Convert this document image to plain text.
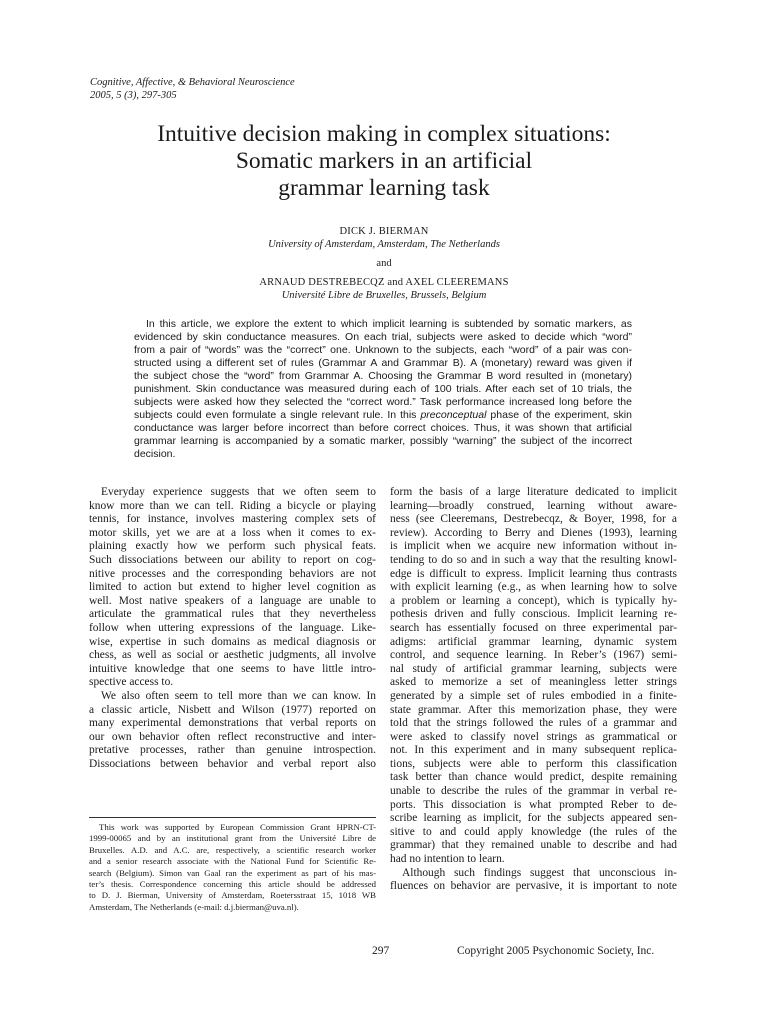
Cognitive, Affective, & Behavioral Neuroscience
2005, 5 (3), 297-305
Intuitive decision making in complex situations:
Somatic markers in an artificial
grammar learning task
DICK J. BIERMAN
University of Amsterdam, Amsterdam, The Netherlands
and
ARNAUD DESTREBECQZ and AXEL CLEEREMANS
Université Libre de Bruxelles, Brussels, Belgium
In this article, we explore the extent to which implicit learning is subtended by somatic markers, as
evidenced by skin conductance measures. On each trial, subjects were asked to decide which “word”
from a pair of “words” was the “correct” one. Unknown to the subjects, each “word” of a pair was con-
structed using a different set of rules (Grammar A and Grammar B). A (monetary) reward was given if
the subject chose the “word” from Grammar A. Choosing the Grammar B word resulted in (monetary)
punishment. Skin conductance was measured during each of 100 trials. After each set of 10 trials, the
subjects were asked how they selected the “correct word.” Task performance increased long before the
subjects could even formulate a single relevant rule. In this preconceptual phase of the experiment, skin
conductance was larger before incorrect than before correct choices. Thus, it was shown that artificial
grammar learning is accompanied by a somatic marker, possibly “warning” the subject of the incorrect
decision.
Everyday experience suggests that we often seem to
know more than we can tell. Riding a bicycle or playing
tennis, for instance, involves mastering complex sets of
motor skills, yet we are at a loss when it comes to ex-
plaining exactly how we perform such physical feats.
Such dissociations between our ability to report on cog-
nitive processes and the corresponding behaviors are not
limited to action but extend to higher level cognition as
well. Most native speakers of a language are unable to
articulate the grammatical rules that they nevertheless
follow when uttering expressions of the language. Like-
wise, expertise in such domains as medical diagnosis or
chess, as well as social or aesthetic judgments, all involve
intuitive knowledge that one seems to have little intro-
spective access to.
We also often seem to tell more than we can know. In
a classic article, Nisbett and Wilson (1977) reported on
many experimental demonstrations that verbal reports on
our own behavior often reflect reconstructive and inter-
pretative processes, rather than genuine introspection.
Dissociations between behavior and verbal report also
This work was supported by European Commission Grant HPRN-CT-
1999-00065 and by an institutional grant from the Université Libre de
Bruxelles. A.D. and A.C. are, respectively, a scientific research worker
and a senior research associate with the National Fund for Scientific Re-
search (Belgium). Simon van Gaal ran the experiment as part of his mas-
ter’s thesis. Correspondence concerning this article should be addressed
to D. J. Bierman, University of Amsterdam, Roetersstraat 15, 1018 WB
Amsterdam, The Netherlands (e-mail: d.j.bierman@uva.nl).
form the basis of a large literature dedicated to implicit
learning—broadly construed, learning without aware-
ness (see Cleeremans, Destrebecqz, & Boyer, 1998, for a
review). According to Berry and Dienes (1993), learning
is implicit when we acquire new information without in-
tending to do so and in such a way that the resulting knowl-
edge is difficult to express. Implicit learning thus contrasts
with explicit learning (e.g., as when learning how to solve
a problem or learning a concept), which is typically hy-
pothesis driven and fully conscious. Implicit learning re-
search has essentially focused on three experimental par-
adigms: artificial grammar learning, dynamic system
control, and sequence learning. In Reber’s (1967) semi-
nal study of artificial grammar learning, subjects were
asked to memorize a set of meaningless letter strings
generated by a simple set of rules embodied in a finite-
state grammar. After this memorization phase, they were
told that the strings followed the rules of a grammar and
were asked to classify novel strings as grammatical or
not. In this experiment and in many subsequent replica-
tions, subjects were able to perform this classification
task better than chance would predict, despite remaining
unable to describe the rules of the grammar in verbal re-
ports. This dissociation is what prompted Reber to de-
scribe learning as implicit, for the subjects appeared sen-
sitive to and could apply knowledge (the rules of the
grammar) that they remained unable to describe and had
had no intention to learn.
Although such findings suggest that unconscious in-
fluences on behavior are pervasive, it is important to note
297	Copyright 2005 Psychonomic Society, Inc.
